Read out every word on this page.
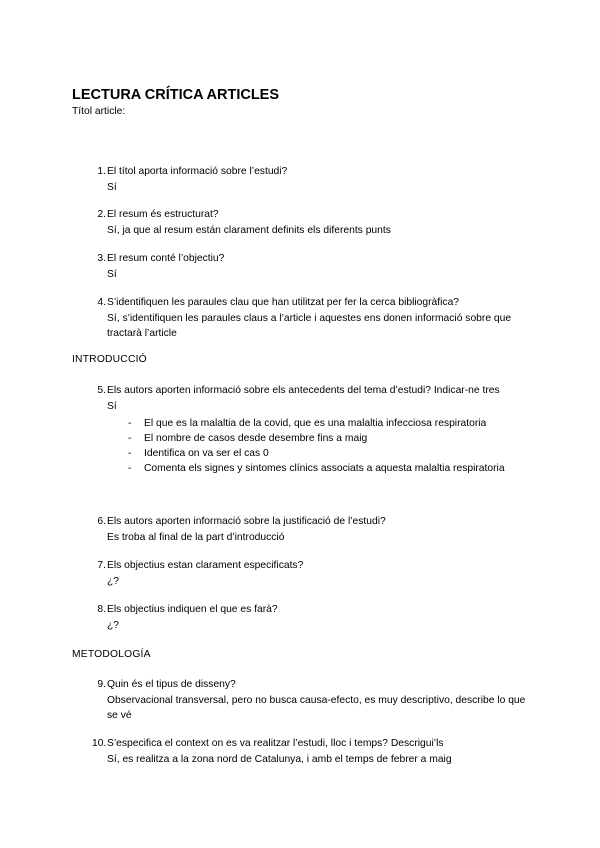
LECTURA CRÍTICA ARTICLES

Títol article:

1. El títol aporta informació sobre l’estudi?
Sí
2. El resum és estructurat?
Sí, ja que al resum están clarament definits els diferents punts
3. El resum conté l’objectiu?
Sí
4. S’identifiquen les paraules clau que han utilitzat per fer la cerca bibliogràfica?
Sí, s’identifiquen les paraules claus a l’article i aquestes ens donen informació sobre que tractarà l’article
INTRODUCCIÓ
5. Els autors aporten informació sobre els antecedents del tema d’estudi? Indicar-ne tres
Sí
- El que es la malaltia de la covid, que es una malaltia infecciosa respiratoria
- El nombre de casos desde desembre fins a maig
- Identifica on va ser el cas 0
- Comenta els signes y sintomes clínics associats a aquesta malaltia respiratoria
6. Els autors aporten informació sobre la justificació de l’estudi?
Es troba al final de la part d’introducció
7. Els objectius estan clarament especificats?
¿?
8. Els objectius indiquen el que es farà?
¿?
METODOLOGÍA
9. Quin és el tipus de disseny?
Observacional transversal, pero no busca causa-efecto, es muy descriptivo, describe lo que se vé
10. S’especifica el context on es va realitzar l’estudi, lloc i temps? Descrigui’ls
Sí, es realitza a la zona nord de Catalunya, i amb el temps de febrer a maig
